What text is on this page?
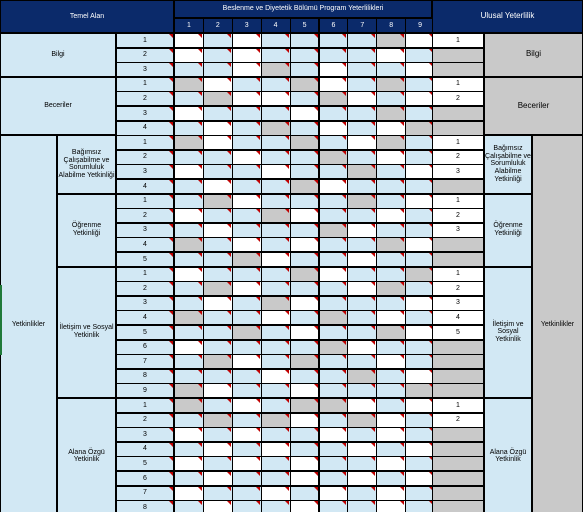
Temel Alan
Beslenme ve Diyetetik Bölümü Program Yeterlilikleri
1	2	3	4	5	6	7	8	9
Ulusal Yeterlilik
Bilgi	Bilgi
1	1
2
3
Beceriler	Beceriler
1	1
2	2
3
4
Bağımsız Çalışabilme ve Sorumluluk Alabilme Yetkinliği
Bağımsız Çalışabilme ve Sorumluluk Alabilme Yetkinliği
1	1
2	2
3	3
4
Öğrenme Yetkinliği
Öğrenme Yetkinliği
1	1
2	2
3	3
4
5
İletişim ve Sosyal Yetkinlik
İletişim ve Sosyal Yetkinlik
1	1
2	2
3	3
4	4
5	5
6
7
8
9
Alana Özgü Yetkinlik
Alana Özgü Yetkinlik
1	1
2	2
3
4
5
6
7
8
Yetkinlikler	Yetkinlikler
